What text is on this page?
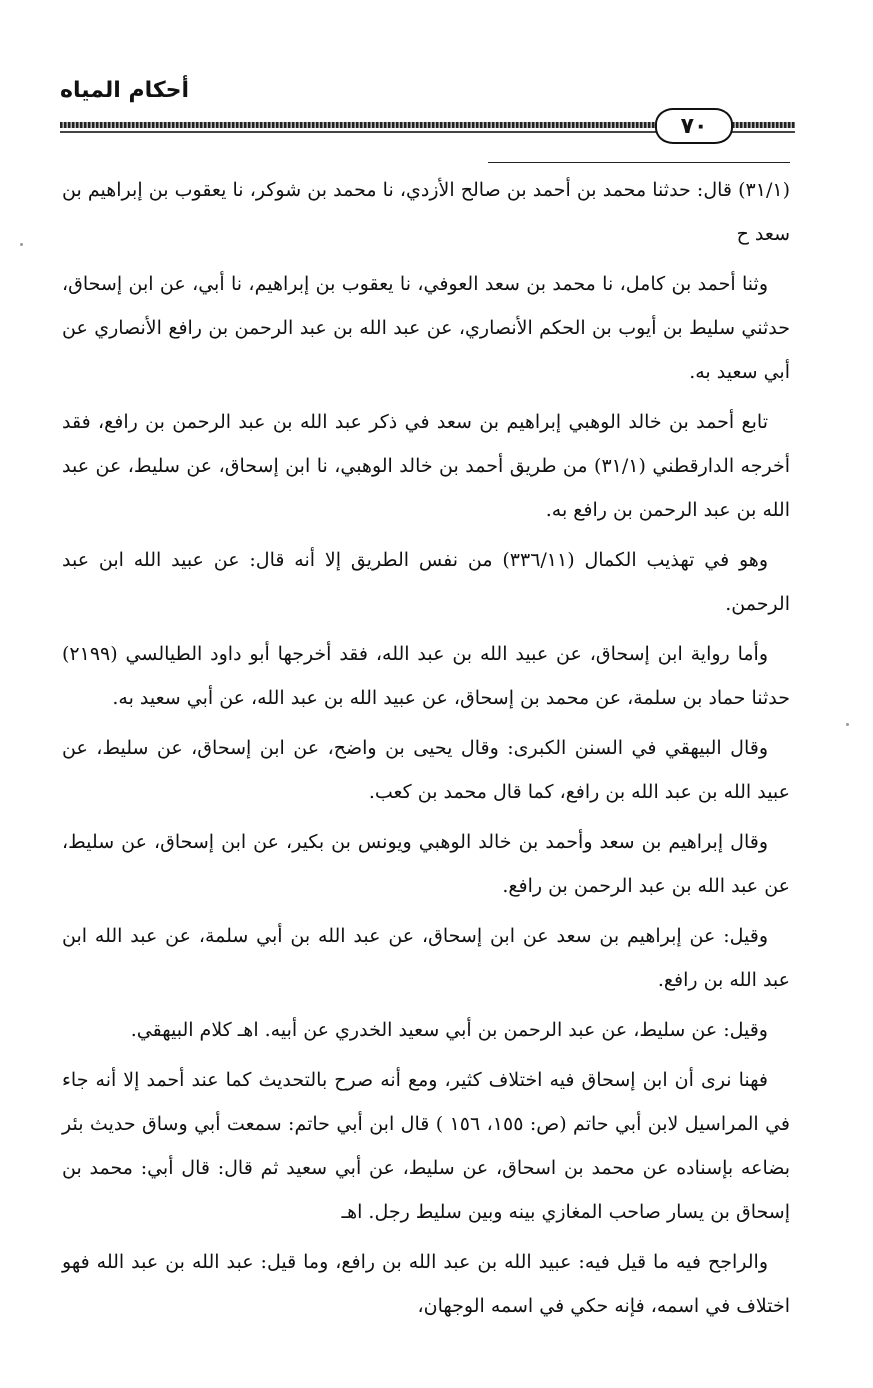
أحكام المياه
٧٠

(٣١/١) قال: حدثنا محمد بن أحمد بن صالح الأزدي، نا محمد بن شوكر، نا يعقوب بن إبراهيم بن سعد ح

وثنا أحمد بن كامل، نا محمد بن سعد العوفي، نا يعقوب بن إبراهيم، نا أبي، عن ابن إسحاق، حدثني سليط بن أيوب بن الحكم الأنصاري، عن عبد الله بن عبد الرحمن بن رافع الأنصاري عن أبي سعيد به.

تابع أحمد بن خالد الوهبي إبراهيم بن سعد في ذكر عبد الله بن عبد الرحمن بن رافع، فقد أخرجه الدارقطني (٣١/١) من طريق أحمد بن خالد الوهبي، نا ابن إسحاق، عن سليط، عن عبد الله بن عبد الرحمن بن رافع به.

وهو في تهذيب الكمال (٣٣٦/١١) من نفس الطريق إلا أنه قال: عن عبيد الله ابن عبد الرحمن.

وأما رواية ابن إسحاق، عن عبيد الله بن عبد الله، فقد أخرجها أبو داود الطيالسي (٢١٩٩) حدثنا حماد بن سلمة، عن محمد بن إسحاق، عن عبيد الله بن عبد الله، عن أبي سعيد به.

وقال البيهقي في السنن الكبرى: وقال يحيى بن واضح، عن ابن إسحاق، عن سليط، عن عبيد الله بن عبد الله بن رافع، كما قال محمد بن كعب.

وقال إبراهيم بن سعد وأحمد بن خالد الوهبي ويونس بن بكير، عن ابن إسحاق، عن سليط، عن عبد الله بن عبد الرحمن بن رافع.

وقيل: عن إبراهيم بن سعد عن ابن إسحاق، عن عبد الله بن أبي سلمة، عن عبد الله ابن عبد الله بن رافع.

وقيل: عن سليط، عن عبد الرحمن بن أبي سعيد الخدري عن أبيه. اهـ كلام البيهقي.

فهنا نرى أن ابن إسحاق فيه اختلاف كثير، ومع أنه صرح بالتحديث كما عند أحمد إلا أنه جاء في المراسيل لابن أبي حاتم (ص: ١٥٥، ١٥٦ ) قال ابن أبي حاتم: سمعت أبي وساق حديث بئر بضاعه بإسناده عن محمد بن اسحاق، عن سليط، عن أبي سعيد ثم قال: قال أبي: محمد بن إسحاق بن يسار صاحب المغازي بينه وبين سليط رجل. اهـ

والراجح فيه ما قيل فيه: عبيد الله بن عبد الله بن رافع، وما قيل: عبد الله بن عبد الله فهو اختلاف في اسمه، فإنه حكي في اسمه الوجهان،
